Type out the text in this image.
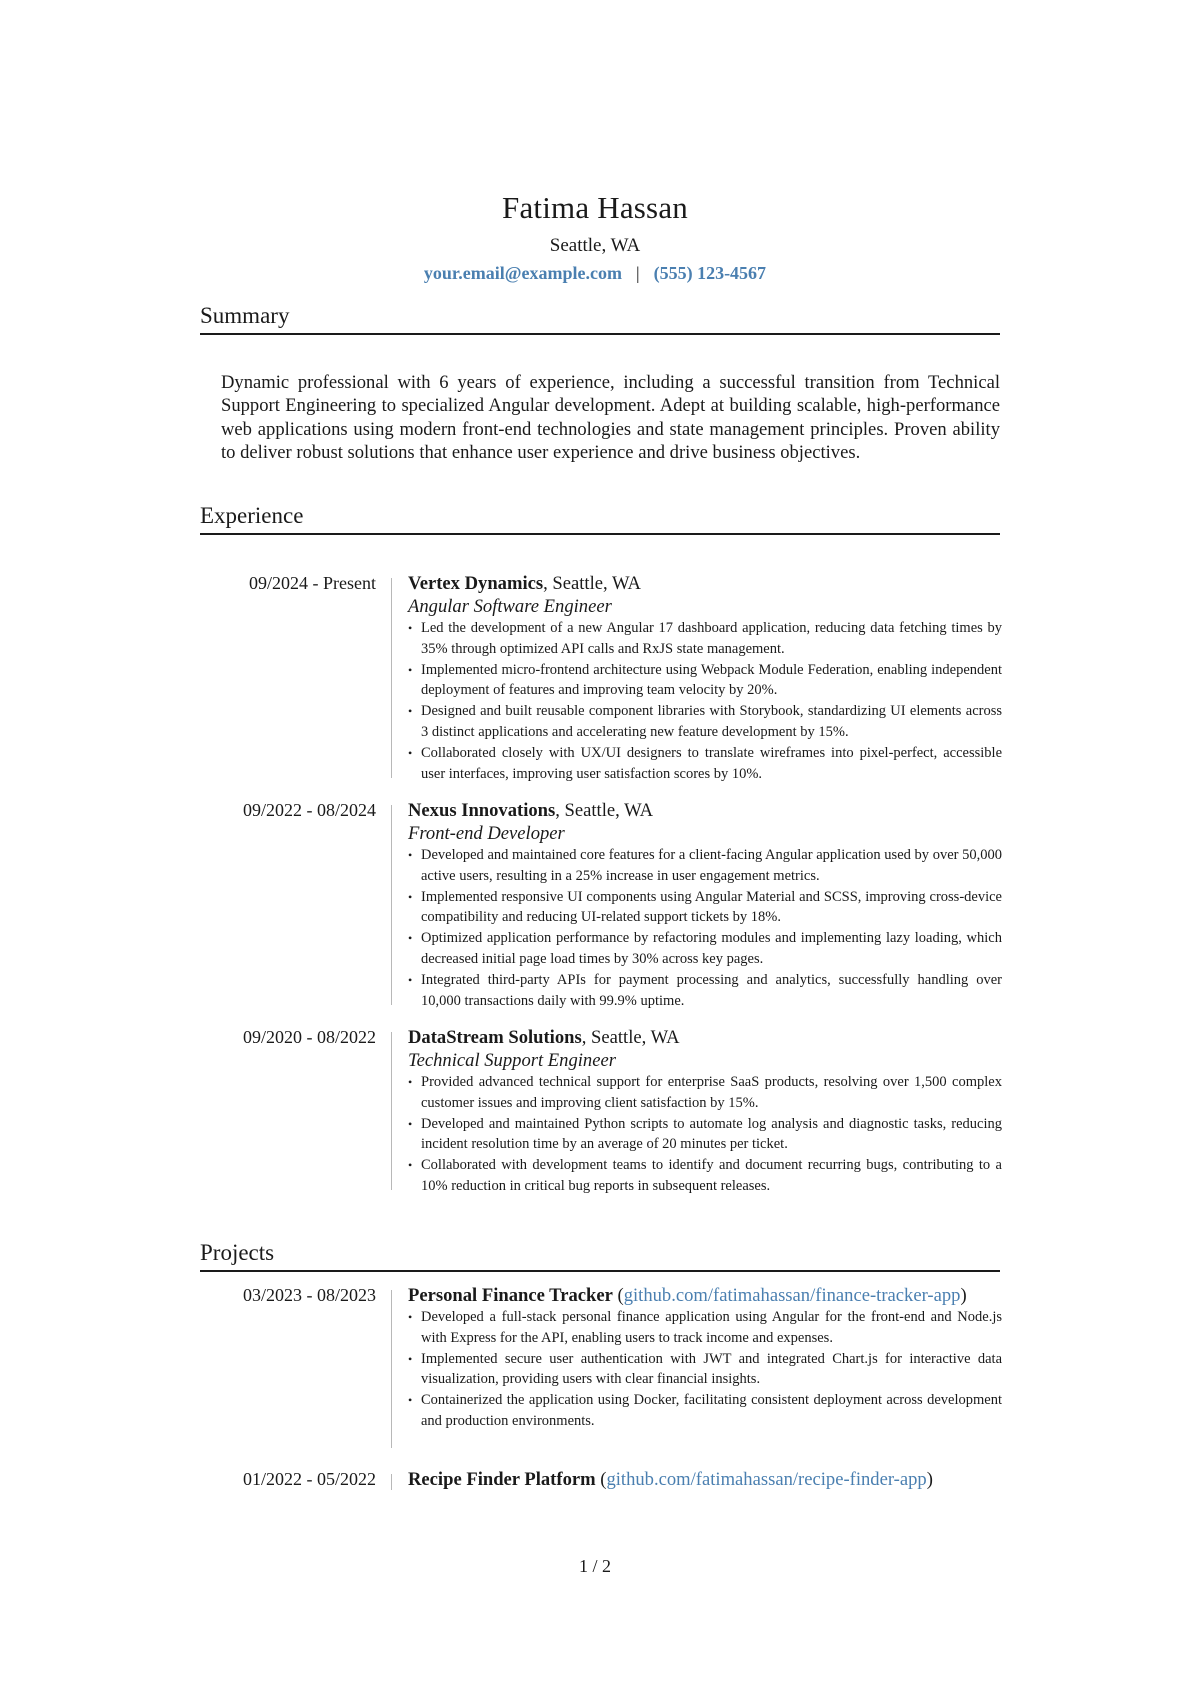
Fatima Hassan
Seattle, WA
your.email@example.com | (555) 123-4567
Summary
Dynamic professional with 6 years of experience, including a successful transition from Technical Support Engineering to specialized Angular development. Adept at building scalable, high-performance web applications using modern front-end technologies and state management principles. Proven ability to deliver robust solutions that enhance user experience and drive business objectives.
Experience
09/2024 - Present Vertex Dynamics, Seattle, WA
Angular Software Engineer
• Led the development of a new Angular 17 dashboard application, reducing data fetching times by 35% through optimized API calls and RxJS state management.
• Implemented micro-frontend architecture using Webpack Module Federation, enabling independent deployment of features and improving team velocity by 20%.
• Designed and built reusable component libraries with Storybook, standardizing UI elements across 3 distinct applications and accelerating new feature development by 15%.
• Collaborated closely with UX/UI designers to translate wireframes into pixel-perfect, accessible user interfaces, improving user satisfaction scores by 10%.
09/2022 - 08/2024 Nexus Innovations, Seattle, WA
Front-end Developer
• Developed and maintained core features for a client-facing Angular application used by over 50,000 active users, resulting in a 25% increase in user engagement metrics.
• Implemented responsive UI components using Angular Material and SCSS, improving cross-device compatibility and reducing UI-related support tickets by 18%.
• Optimized application performance by refactoring modules and implementing lazy loading, which decreased initial page load times by 30% across key pages.
• Integrated third-party APIs for payment processing and analytics, successfully handling over 10,000 transactions daily with 99.9% uptime.
09/2020 - 08/2022 DataStream Solutions, Seattle, WA
Technical Support Engineer
• Provided advanced technical support for enterprise SaaS products, resolving over 1,500 complex customer issues and improving client satisfaction by 15%.
• Developed and maintained Python scripts to automate log analysis and diagnostic tasks, reducing incident resolution time by an average of 20 minutes per ticket.
• Collaborated with development teams to identify and document recurring bugs, contributing to a 10% reduction in critical bug reports in subsequent releases.
Projects
03/2023 - 08/2023 Personal Finance Tracker (github.com/fatimahassan/finance-tracker-app)
• Developed a full-stack personal finance application using Angular for the front-end and Node.js with Express for the API, enabling users to track income and expenses.
• Implemented secure user authentication with JWT and integrated Chart.js for interactive data visualization, providing users with clear financial insights.
• Containerized the application using Docker, facilitating consistent deployment across development and production environments.
01/2022 - 05/2022 Recipe Finder Platform (github.com/fatimahassan/recipe-finder-app)
1 / 2
